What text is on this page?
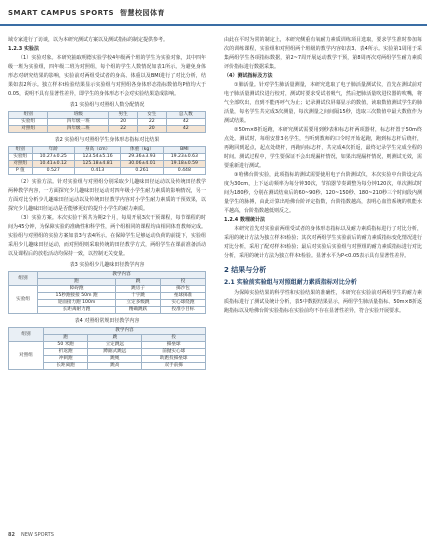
SMART CAMPUS SPORTS 智慧校园体育

域专家进行了访谈，以为本研究测试方案以及测试指标的制定提供参考。

1.2.3 实验法

（1）实验对象。本研究抽取明德实验学校4年级两个班的学生为实验对象，其中四年级一班为实验组，四年级二班为对照组，每个组的学生人数情况如表1所示。为避免身体形态对研究结果的影响，实验前对两组受试者的身高、体重以及BMI进行了对比分析，结果如表2所示。独立样本t检验结果显示实验组与对照组各身体形态指标数值均P值均大于0.05，说明不具有显著性差异，即学生的身体形态不会对实验结果造成影响。

表1 实验组与对照组人数分配情况
组别	班级	男生	女生	总人数
实验组	四年级一班	20	22	42
对照组	四年级二班	22	20	42
表2 实验组与对照组学生身体形态指标对比结果
组别	年龄	身高（cm）	体重（kg）	BMI
实验组	10.27±0.25	123.54±5.16	29.36±3.93	19.23±0.63
对照组	10.41±0.12	125.18±4.81	30.06±4.01	19.18±0.59
P 值	0.527	0.413	0.261	0.448

（2）实验方法。针对实验组与对照组分别采取少儿趣味田径运动以及传统田径教学两种教学内容，一方面探究少儿趣味田径运动对四年级小学生耐力素质的影响情况，另一方面对比分析少儿趣味田径运动以及传统田径教学内容对小学生耐力素质的干预效果，以探究少儿趣味田径运动是否能够更好的提升小学生的耐力素质。

（3）实验方案。本次实验干预共为期2个月，每周开展3次干预课程，每节课程的时间为45分钟，为保障实验的准确性和科学性，两个组相同的课程均由相同体育教师完成。实验组与对照组的实验方案如表3与表4所示。在保障学生足够运动负荷的前提下，实验组采用少儿趣味田径运动，而对照组则采取传统的田径教学方式，两组学生在课前准备活动以及课程后的放松活动均保持一致，以控制无关变量。

表3 实验组少儿趣味田径教学内容
组别	教学内容		
	跑	跳	投
实验组	障碍跑	跳房子	掷沙包
	15秒跑接接 50m 跑	十字跳	垒球掷准
	迎面接力跑 100m	立定多级跳	实心球绕跑
	长距离耐力跑	精确跳跃	投准小目标
表4 对照组常规田径教学内容
组别	教学内容		
	跑	跳	投
对照组	50 米跑	立定跳远	掷垒球
	折返跑	蹲踞式跳远	前抛实心球
	冲刺跑	跳绳	助跑投掷垒球
	长距离跑	跳高	双手前掷

由此在平时为常的制定上，本研究侧重有氧耐力素质训练项目选取，要求学生准时参加每次的训练课程，实验组和对照组两个班级的教学内容如表3、表4所示。实验第1周用于采集两组学生各项指标数据，第2~7周开展运动教学干预，第8周再次对两组学生耐力素质评价指标进行数据采集。

（4）测试指标及方法

①肺活量。针对学生肺活量测量，本研究选取了电子肺活量测试仪，首先在测试前对电子肺活量测试仪进行校对，测试时要求受试者吸气，然后把肺活量吹进仪器的吹嘴，将气全部吹出，直到不能再呼气为止；记录测试仪屏幕显示的数值，读取数值测试学生的肺活量，每名学生共完成3次测量，每次测量之间间隔15秒，选取三次数值中最大数值作为测试结果。

②50m×8折返跑，本研究测试需要用到秒表和标志杆两项器材，标志杆置于50m终点处。测试时，每组安排3名学生，当听到教师的口令时开始起跑，跑到标志杆后绕杆，再跑回到起点，起点处绕杆，再跑向标志杆，共完成4次折返，最终记录学生完成全程的时间。测试过程中，学生要保证不会出现漏杆情况，如果出现漏杆情况，则测试无效，需要重新进行测试。

③哈佛台阶实验，此项指标的测试需要使用电子台阶测试仪，本次实验中台阶设定高度为30cm，上下运动频率为每分钟30次，节拍器节奏调整为每分钟120次，单次测试时间为180秒，分别在测试结束后的60~90秒、120~150秒、180~210秒三个时间段内测量学生的脉搏，由此计算出哈佛台阶评定指数，台阶指数越高，表明心血管系统的机能水平越高，台阶指数越低则反之。

1.2.4 数理统计法

本研究首先对实验前两组受试者的身体形态指标以及耐力素质指标进行了对比分析，采用的统计方法为独立样本t检验；其次对两组学生实验前后的耐力素质指标变化情况进行对比分析，采用了配对样本t检验；最后对实验后实验组与对照组的耐力素质指标进行对比分析，采用的统计方法为独立样本t检验。显著水平为P<0.05表示具有显著性差异。

2 结果与分析
2.1 实验前实验组与对照组耐力素质指标对比分析

为保障实验结果的科学性和实验结果的准确性，本研究在实验前对两组学生的耐力素质指标进行了测试及统计分析，表5中数据结果显示，两组学生肺活量指标、50m×8折返跑指标以及哈佛台阶实验指标在实验前均不存在显著性差异，符合实验开展要求。

82 NEW SPORTS
